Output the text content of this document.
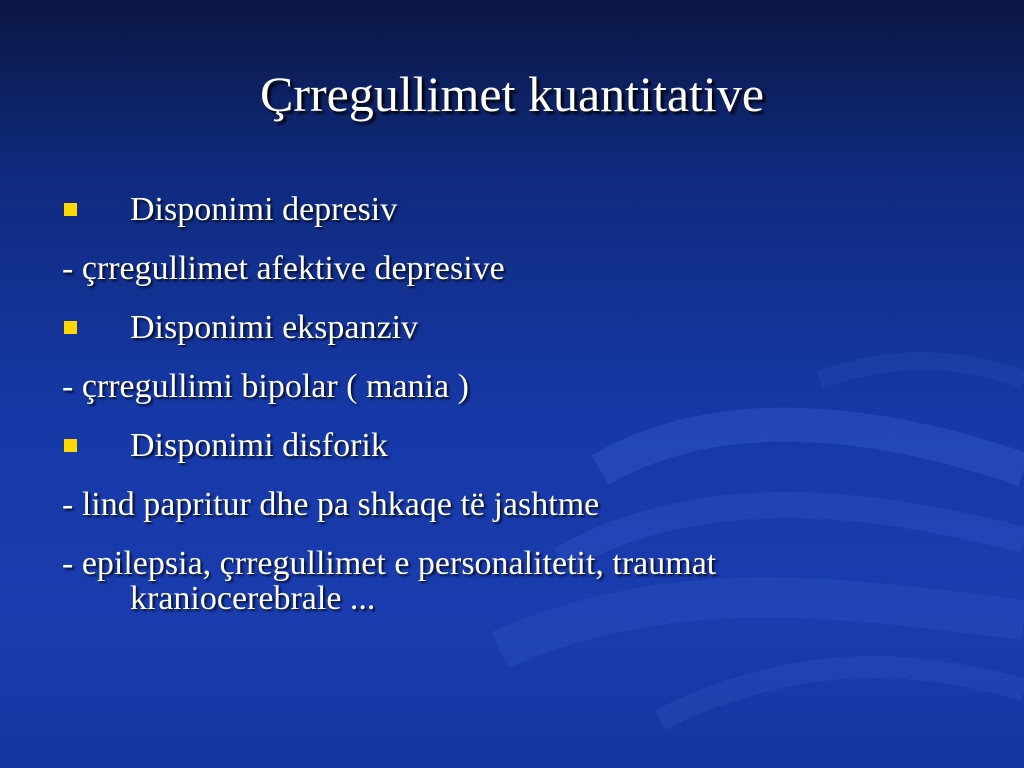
Çrregullimet kuantitative
Disponimi depresiv
- çrregullimet afektive depresive
Disponimi ekspanziv
- çrregullimi bipolar ( mania )
Disponimi disforik
- lind papritur dhe pa shkaqe të jashtme
- epilepsia, çrregullimet e personalitetit, traumat
kraniocerebrale ...
